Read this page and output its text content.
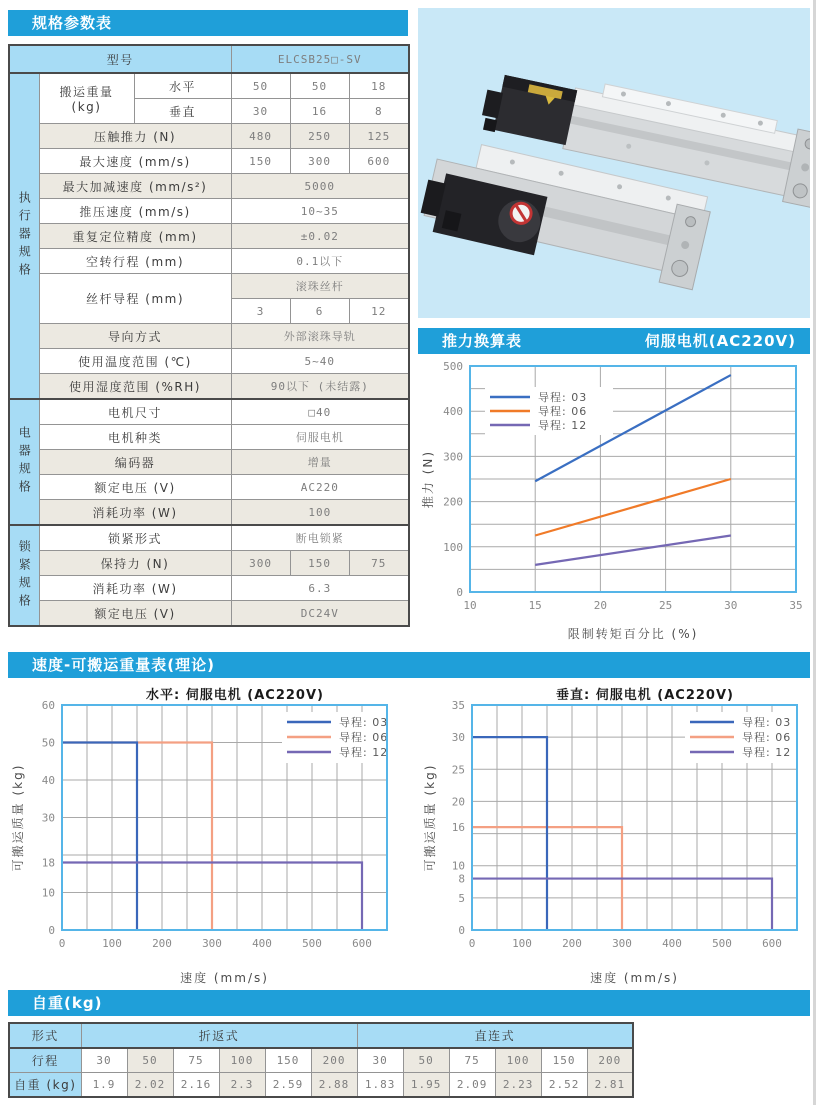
规格参数表
型号			ELCSB25□-SV		

执行器规格	搬运重量
(kg)	水平	50	50	18
		垂直	30	16	8
	压触推力 (N)		480	250	125
	最大速度 (mm/s)		150	300	600
	最大加减速度 (mm/s²)		5000		
	推压速度 (mm/s)		10~35		
	重复定位精度 (mm)		±0.02		
	空转行程 (mm)		0.1以下		
	丝杆导程 (mm)		滚珠丝杆		
			3	6	12
	导向方式		外部滚珠导轨		
	使用温度范围 (℃)		5~40		
	使用湿度范围 (%RH)		90以下 (未结露)		

电器规格	电机尺寸		□40		
	电机种类		伺服电机		
	编码器		增量		
	额定电压 (V)		AC220		
	消耗功率 (W)		100		

锁紧规格	锁紧形式		断电锁紧		
	保持力 (N)		300	150	75
	消耗功率 (W)		6.3		
	额定电压 (V)		DC24V		
推力换算表	伺服电机(AC220V)
导程: 03
导程: 06
导程: 12
10	15	20	25	30	35
0
100
200
300
400
500
限制转矩百分比 (%)
推力 (N)
速度-可搬运重量表(理论)
水平: 伺服电机 (AC220V)
导程: 03
导程: 06
导程: 12
0	100	200	300	400	500	600
0
10
18
30
40
50
60
速度 (mm/s)
可搬运质量 (kg)
垂直: 伺服电机 (AC220V)
导程: 03
导程: 06
导程: 12
0	100	200	300	400	500	600
0
5
8
10
16
20
25
30
35
速度 (mm/s)
可搬运质量 (kg)
自重(kg)
形式	折返式						直连式					
行程	30	50	75	100	150	200	30	50	75	100	150	200
自重 (kg)	1.9	2.02	2.16	2.3	2.59	2.88	1.83	1.95	2.09	2.23	2.52	2.81
